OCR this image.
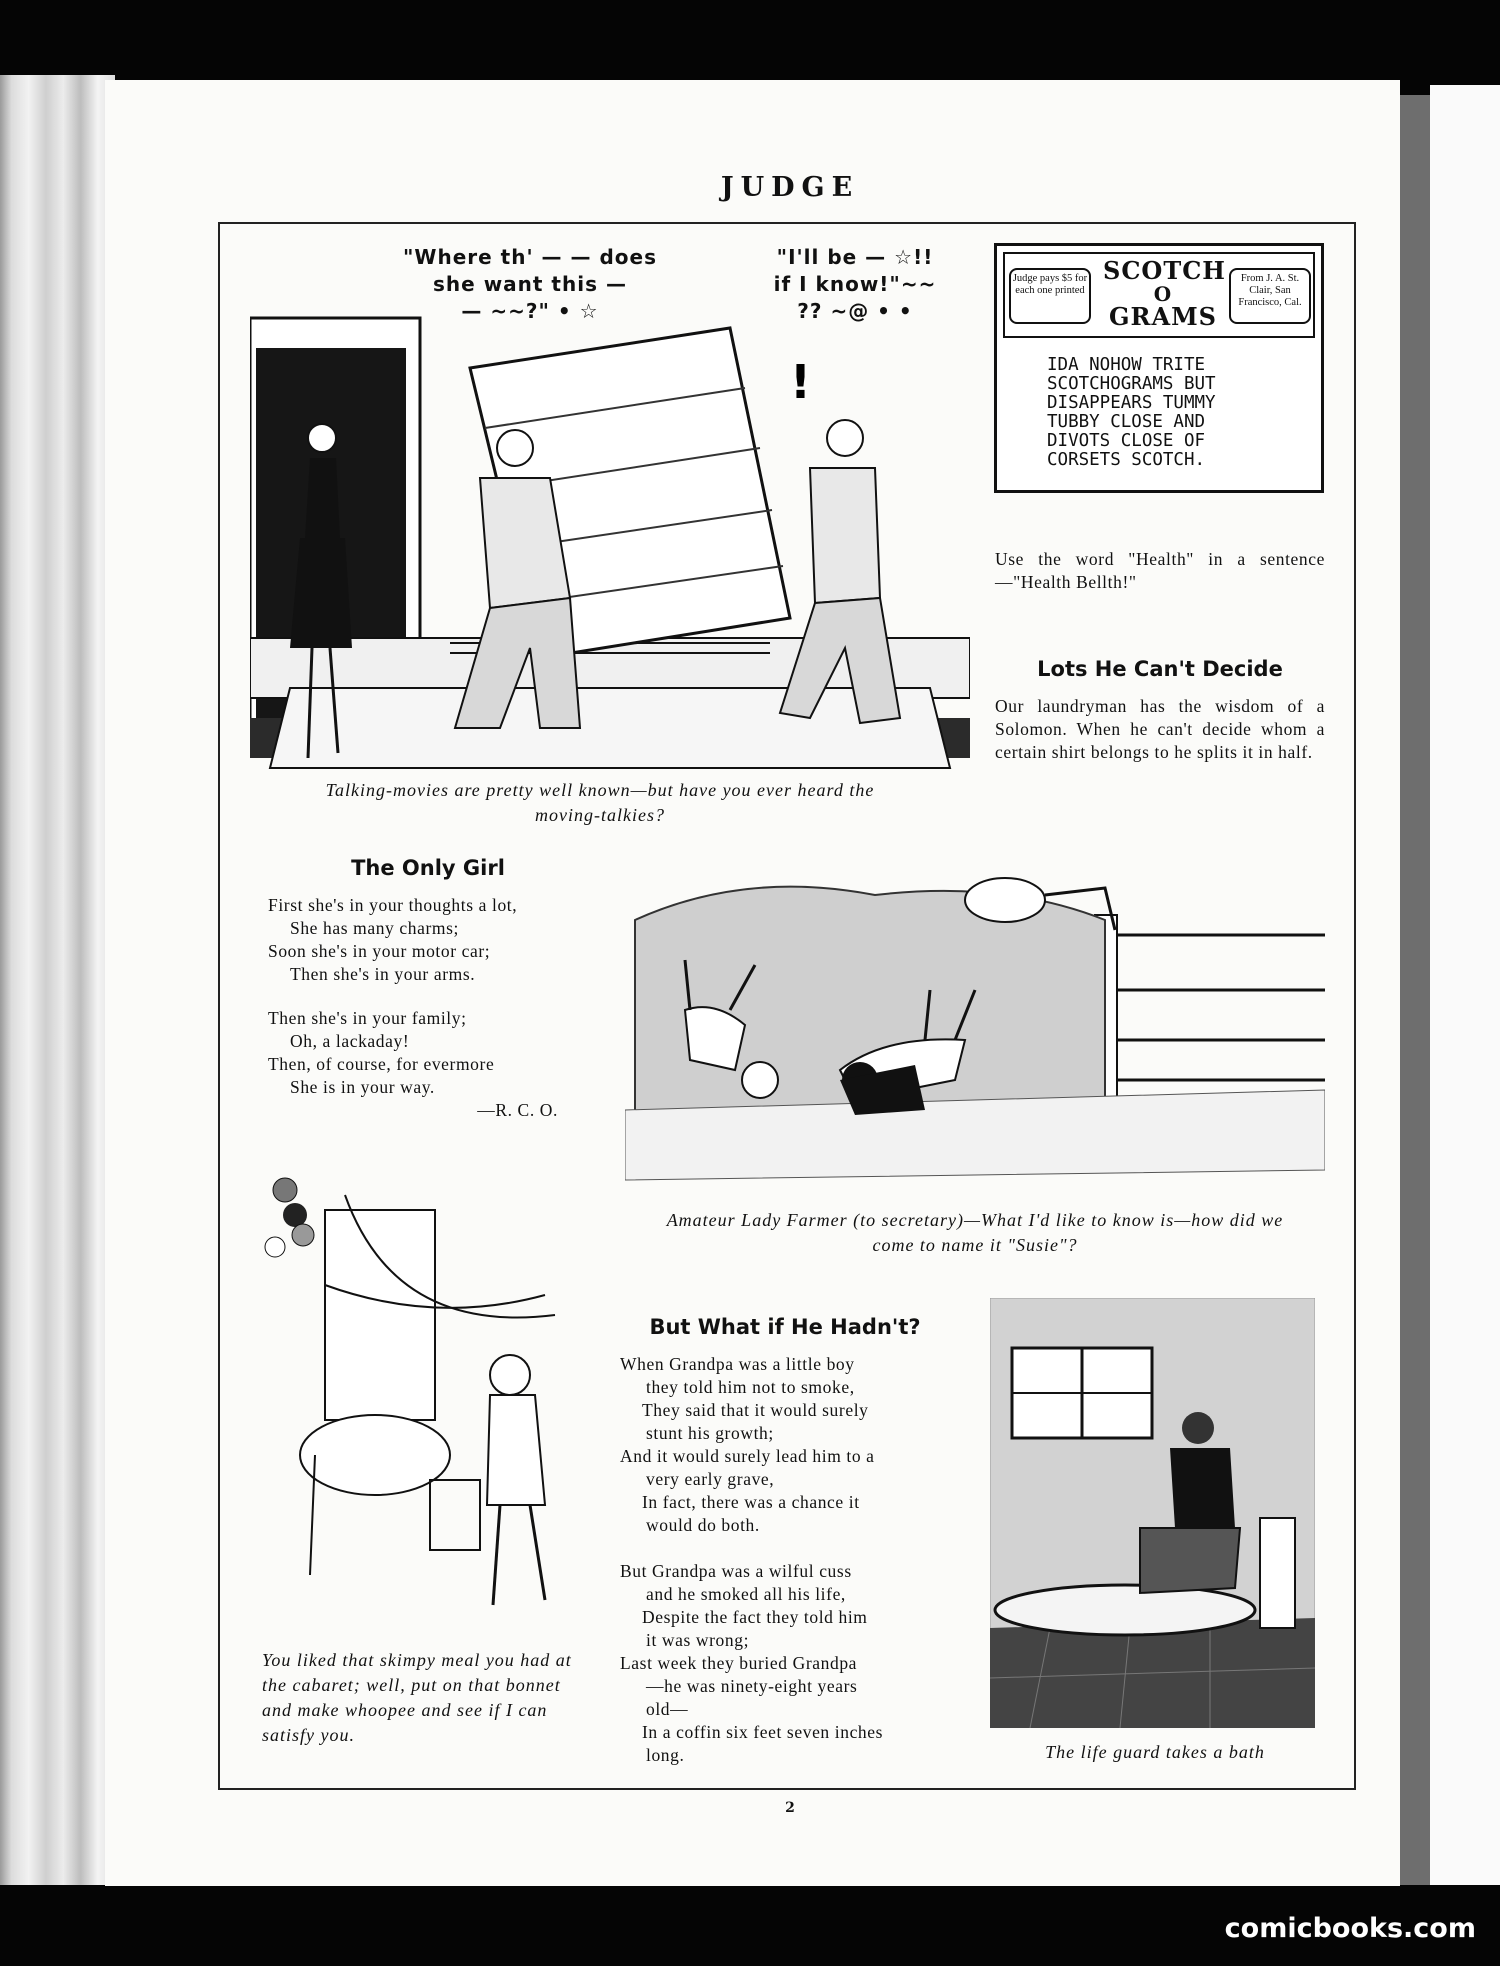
JUDGE
!
"Where th' — — does
she want this —
— ~~?" • ☆
"I'll be — ☆!!
if I know!"~~
?? ~@ • •
Talking-movies are pretty well known—but have you ever heard the moving-talkies?
Judge pays $5 for each one printed
SCOTCH
O
GRAMS
From J. A. St. Clair, San Francisco, Cal.
IDA NOHOW TRITE
SCOTCHOGRAMS BUT
DISAPPEARS TUMMY
TUBBY CLOSE AND
DIVOTS CLOSE OF
CORSETS SCOTCH.
Use the word "Health" in a sentence—"Health Bellth!"
Lots He Can't Decide
Our laundryman has the wisdom of a Solomon. When he can't decide whom a certain shirt belongs to he splits it in half.
The Only Girl

First she's in your thoughts a lot,

She has many charms;

Soon she's in your motor car;

Then she's in your arms.

Then she's in your family;

Oh, a lackaday!

Then, of course, for evermore

She is in your way.

—R. C. O.

Amateur Lady Farmer (to secretary)—What I'd like to know is—how did we come to name it "Susie"?
You liked that skimpy meal you had at the cabaret; well, put on that bonnet and make whoopee and see if I can satisfy you.
But What if He Hadn't?

When Grandpa was a little boy

they told him not to smoke,

They said that it would surely

stunt his growth;

And it would surely lead him to a

very early grave,

In fact, there was a chance it

would do both.

But Grandpa was a wilful cuss

and he smoked all his life,

Despite the fact they told him

it was wrong;

Last week they buried Grandpa

—he was ninety-eight years

old—

In a coffin six feet seven inches

long.	The life guard takes a bath
2
comicbooks.com
